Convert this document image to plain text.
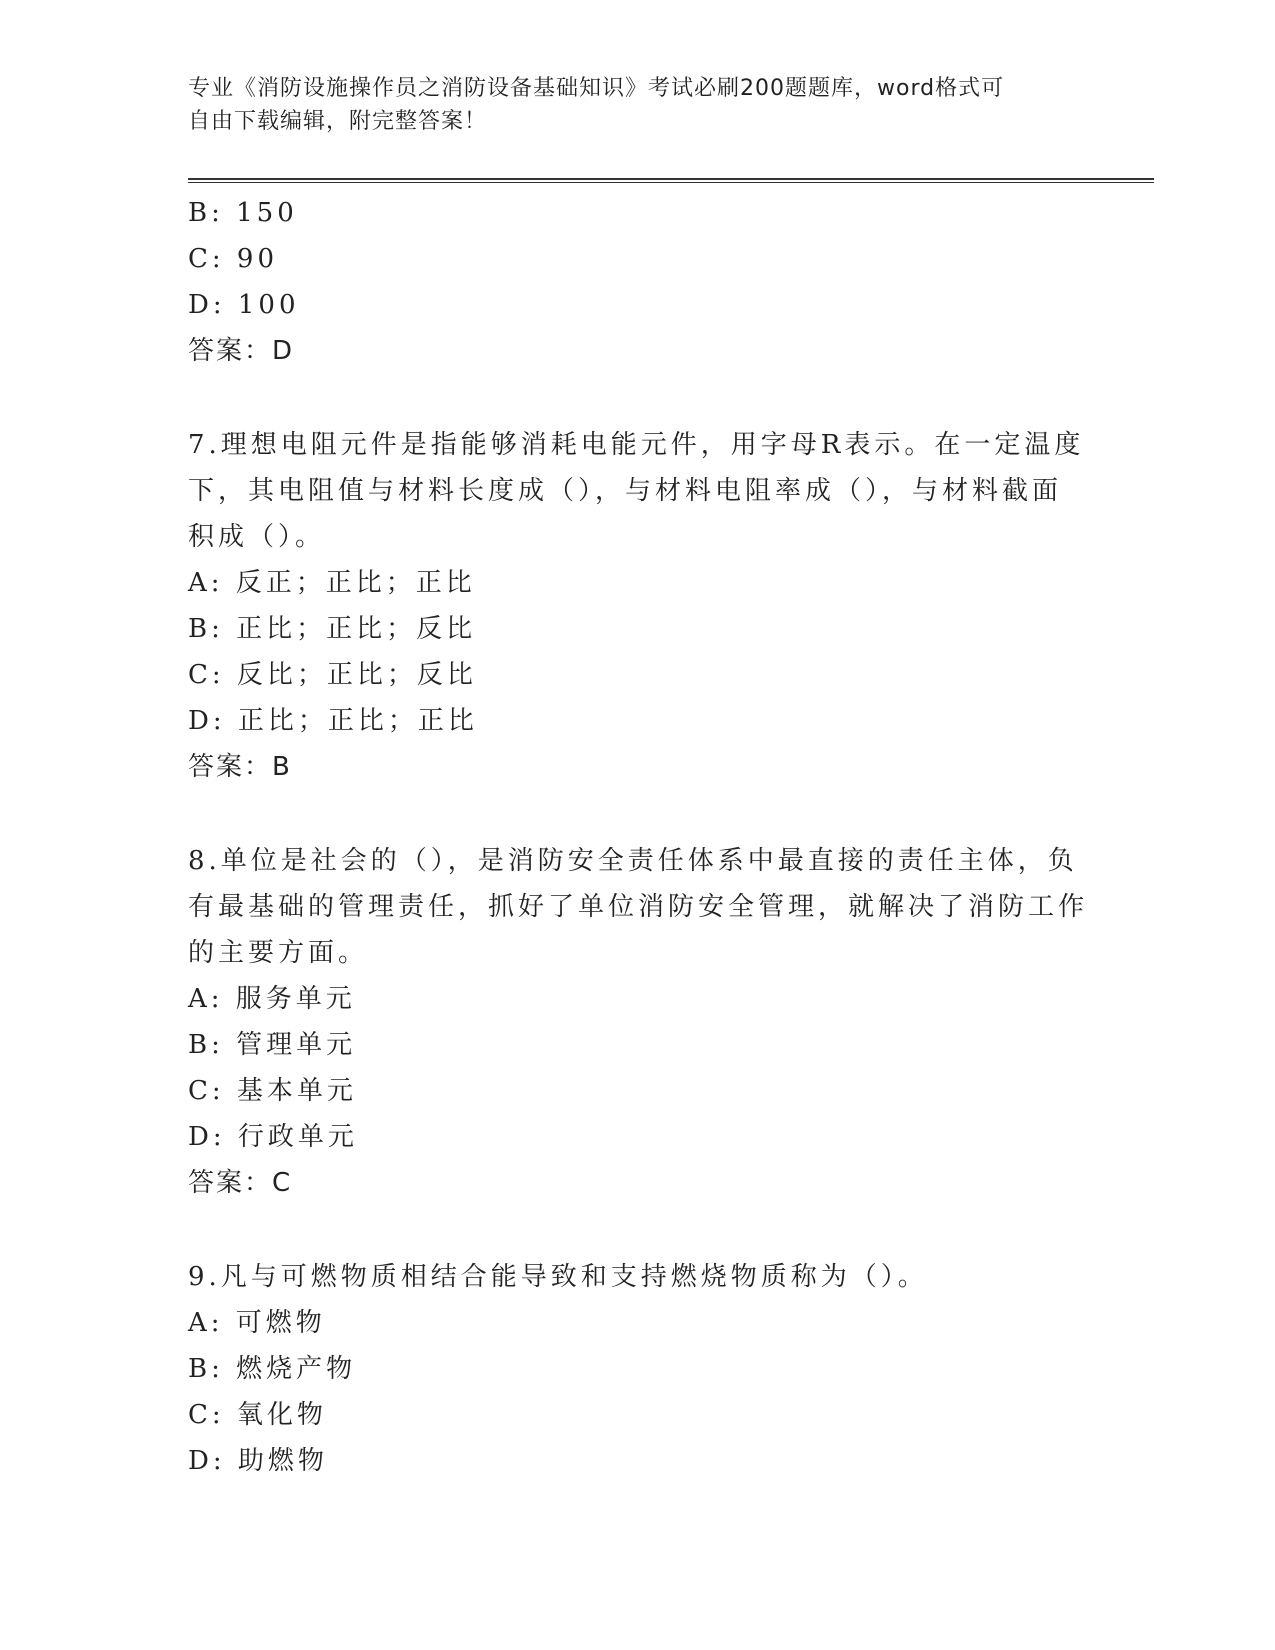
专业《消防设施操作员之消防设备基础知识》考试必刷200题题库，word格式可
自由下载编辑，附完整答案！
B: 150
C: 90
D: 100
答案：D
7.理想电阻元件是指能够消耗电能元件，用字母R表示。在一定温度
下，其电阻值与材料长度成（），与材料电阻率成（），与材料截面
积成（）。
A: 反正；正比；正比
B: 正比；正比；反比
C: 反比；正比；反比
D: 正比；正比；正比
答案：B
8.单位是社会的（），是消防安全责任体系中最直接的责任主体，负
有最基础的管理责任，抓好了单位消防安全管理，就解决了消防工作
的主要方面。
A: 服务单元
B: 管理单元
C: 基本单元
D: 行政单元
答案：C
9.凡与可燃物质相结合能导致和支持燃烧物质称为（）。
A: 可燃物
B: 燃烧产物
C: 氧化物
D: 助燃物
